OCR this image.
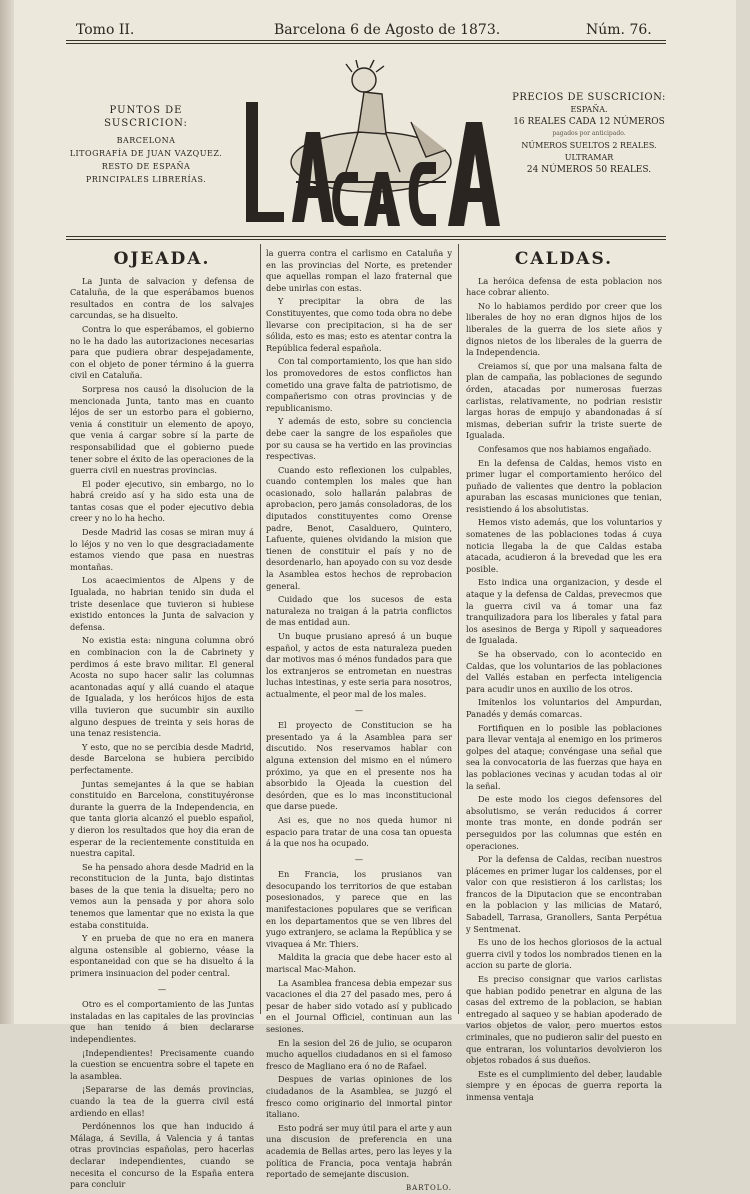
Tomo II.	Barcelona 6 de Agosto de 1873.	Núm. 76.
PUNTOS DE SUSCRICION:
BARCELONA
LITOGRAFÍA DE JUAN VAZQUEZ.
RESTO DE ESPAÑA
PRINCIPALES LIBRERÍAS.
LA CAMPANA
PRECIOS DE SUSCRICION:
ESPAÑA.
16 REALES CADA 12 NÚMEROS
pagados por anticipado.
NÚMEROS SUELTOS 2 REALES.
ULTRAMAR
24 NÚMEROS 50 REALES.
OJEADA.

La Junta de salvacion y defensa de Cataluña, de la que esperábamos buenos resultados en contra de los salvajes carcundas, se ha disuelto.

Contra lo que esperábamos, el gobierno no le ha dado las autorizaciones necesarias para que pudiera obrar despejadamente, con el objeto de poner término á la guerra civil en Cataluña.

Sorpresa nos causó la disolucion de la mencionada Junta, tanto mas en cuanto léjos de ser un estorbo para el gobierno, venia á constituir un elemento de apoyo, que venia á cargar sobre sí la parte de responsabilidad que el gobierno puede tener sobre el éxito de las operaciones de la guerra civil en nuestras provincias.

El poder ejecutivo, sin embargo, no lo habrá creido así y ha sido esta una de tantas cosas que el poder ejecutivo debia creer y no lo ha hecho.

Desde Madrid las cosas se miran muy á lo léjos y no ven lo que desgraciadamente estamos viendo que pasa en nuestras montañas.

Los acaecimientos de Alpens y de Igualada, no habrian tenido sin duda el triste desenlace que tuvieron si hubiese existido entonces la Junta de salvacion y defensa.

No existia esta: ninguna columna obró en combinacion con la de Cabrinety y perdimos á este bravo militar. El general Acosta no supo hacer salir las columnas acantonadas aquí y allá cuando el ataque de Igualada, y los heróicos hijos de esta villa tuvieron que sucumbir sin auxilio alguno despues de treinta y seis horas de una tenaz resistencia.

Y esto, que no se percibia desde Madrid, desde Barcelona se hubiera percibido perfectamente.

Juntas semejantes á la que se habian constituido en Barcelona, constituyéronse durante la guerra de la Independencia, en que tanta gloria alcanzó el pueblo español, y dieron los resultados que hoy dia eran de esperar de la recientemente constituida en nuestra capital.

Se ha pensado ahora desde Madrid en la reconstitucion de la Junta, bajo distintas bases de la que tenia la disuelta; pero no vemos aun la pensada y por ahora solo tenemos que lamentar que no exista la que estaba constituida.

Y en prueba de que no era en manera alguna ostensible al gobierno, véase la espontaneidad con que se ha disuelto á la primera insinuacion del poder central.

—

Otro es el comportamiento de las Juntas instaladas en las capitales de las provincias que han tenido á bien declararse independientes.

¡Independientes! Precisamente cuando la cuestion se encuentra sobre el tapete en la asamblea.

¡Separarse de las demás provincias, cuando la tea de la guerra civil está ardiendo en ellas!

Perdónennos los que han inducido á Málaga, á Sevilla, á Valencia y á tantas otras provincias españolas, pero hacerlas declarar independientes, cuando se necesita el concurso de la España entera para concluir

la guerra contra el carlismo en Cataluña y en las provincias del Norte, es pretender que aquellas rompan el lazo fraternal que debe unirlas con estas.

Y precipitar la obra de las Constituyentes, que como toda obra no debe llevarse con precipitacion, si ha de ser sólida, esto es mas; esto es atentar contra la República federal española.

Con tal comportamiento, los que han sido los promovedores de estos conflictos han cometido una grave falta de patriotismo, de compañerismo con otras provincias y de republicanismo.

Y además de esto, sobre su conciencia debe caer la sangre de los españoles que por su causa se ha vertido en las provincias respectivas.

Cuando esto reflexionen los culpables, cuando contemplen los males que han ocasionado, solo hallarán palabras de aprobacion, pero jamás consoladoras, de los diputados constituyentes como Orense padre, Benot, Casalduero, Quintero, Lafuente, quienes olvidando la mision que tienen de constituir el país y no de desordenarlo, han apoyado con su voz desde la Asamblea estos hechos de reprobacion general.

Cuidado que los sucesos de esta naturaleza no traigan á la patria conflictos de mas entidad aun.

Un buque prusiano apresó á un buque español, y actos de esta naturaleza pueden dar motivos mas ó ménos fundados para que los extranjeros se entrometan en nuestras luchas intestinas, y este seria para nosotros, actualmente, el peor mal de los males.

—

El proyecto de Constitucion se ha presentado ya á la Asamblea para ser discutido. Nos reservamos hablar con alguna extension del mismo en el número próximo, ya que en el presente nos ha absorbido la Ojeada la cuestion del desórden, que es lo mas inconstitucional que darse puede.

Asi es, que no nos queda humor ni espacio para tratar de una cosa tan opuesta á la que nos ha ocupado.

—

En Francia, los prusianos van desocupando los territorios de que estaban posesionados, y parece que en las manifestaciones populares que se verifican en los departamentos que se ven libres del yugo extranjero, se aclama la República y se vivaquea á Mr. Thiers.

Maldita la gracia que debe hacer esto al mariscal Mac-Mahon.

La Asamblea francesa debia empezar sus vacaciones el dia 27 del pasado mes, pero á pesar de haber sido votado así y publicado en el Journal Officiel, continuan aun las sesiones.

En la sesion del 26 de julio, se ocuparon mucho aquellos ciudadanos en si el famoso fresco de Magliano era ó no de Rafael.

Despues de varias opiniones de los ciudadanos de la Asamblea, se juzgó el fresco como originario del inmortal pintor italiano.

Esto podrá ser muy útil para el arte y aun una discusion de preferencia en una academia de Bellas artes, pero las leyes y la política de Francia, poca ventaja habrán reportado de semejante discusion.

BARTOLO.
CALDAS.

La heróica defensa de esta poblacion nos hace cobrar aliento.

No lo habiamos perdido por creer que los liberales de hoy no eran dignos hijos de los liberales de la guerra de los siete años y dignos nietos de los liberales de la guerra de la Independencia.

Creiamos sí, que por una malsana falta de plan de campaña, las poblaciones de segundo órden, atacadas por numerosas fuerzas carlistas, relativamente, no podrian resistir largas horas de empujo y abandonadas á sí mismas, deberian sufrir la triste suerte de Igualada.

Confesamos que nos habiamos engañado.

En la defensa de Caldas, hemos visto en primer lugar el comportamiento heróico del puñado de valientes que dentro la poblacion apuraban las escasas municiones que tenian, resistiendo á los absolutistas.

Hemos visto además, que los voluntarios y somatenes de las poblaciones todas á cuya noticia llegaba la de que Caldas estaba atacada, acudieron á la brevedad que les era posible.

Esto indica una organizacion, y desde el ataque y la defensa de Caldas, prevecmos que la guerra civil va á tomar una faz tranquilizadora para los liberales y fatal para los asesinos de Berga y Ripoll y saqueadores de Igualada.

Se ha observado, con lo acontecido en Caldas, que los voluntarios de las poblaciones del Vallés estaban en perfecta inteligencia para acudir unos en auxilio de los otros.

Imítenlos los voluntarios del Ampurdan, Panadés y demás comarcas.

Fortifiquen en lo posible las poblaciones para llevar ventaja al enemigo en los primeros golpes del ataque; convéngase una señal que sea la convocatoria de las fuerzas que haya en las poblaciones vecinas y acudan todas al oir la señal.

De este modo los ciegos defensores del absolutismo, se verán reducidos á correr monte tras monte, en donde podrán ser perseguidos por las columnas que estén en operaciones.

Por la defensa de Caldas, reciban nuestros plácemes en primer lugar los caldenses, por el valor con que resistieron á los carlistas; los francos de la Diputacion que se encontraban en la poblacion y las milicias de Mataró, Sabadell, Tarrasa, Granollers, Santa Perpétua y Sentmenat.

Es uno de los hechos gloriosos de la actual guerra civil y todos los nombrados tienen en la accion su parte de gloria.

Es preciso consignar que varios carlistas que habian podido penetrar en alguna de las casas del extremo de la poblacion, se habian entregado al saqueo y se habian apoderado de varios objetos de valor, pero muertos estos criminales, que no pudieron salir del puesto en que entraran, los voluntarios devolvieron los objetos robados á sus dueños.

Este es el cumplimiento del deber, laudable siempre y en épocas de guerra reporta la inmensa ventaja
